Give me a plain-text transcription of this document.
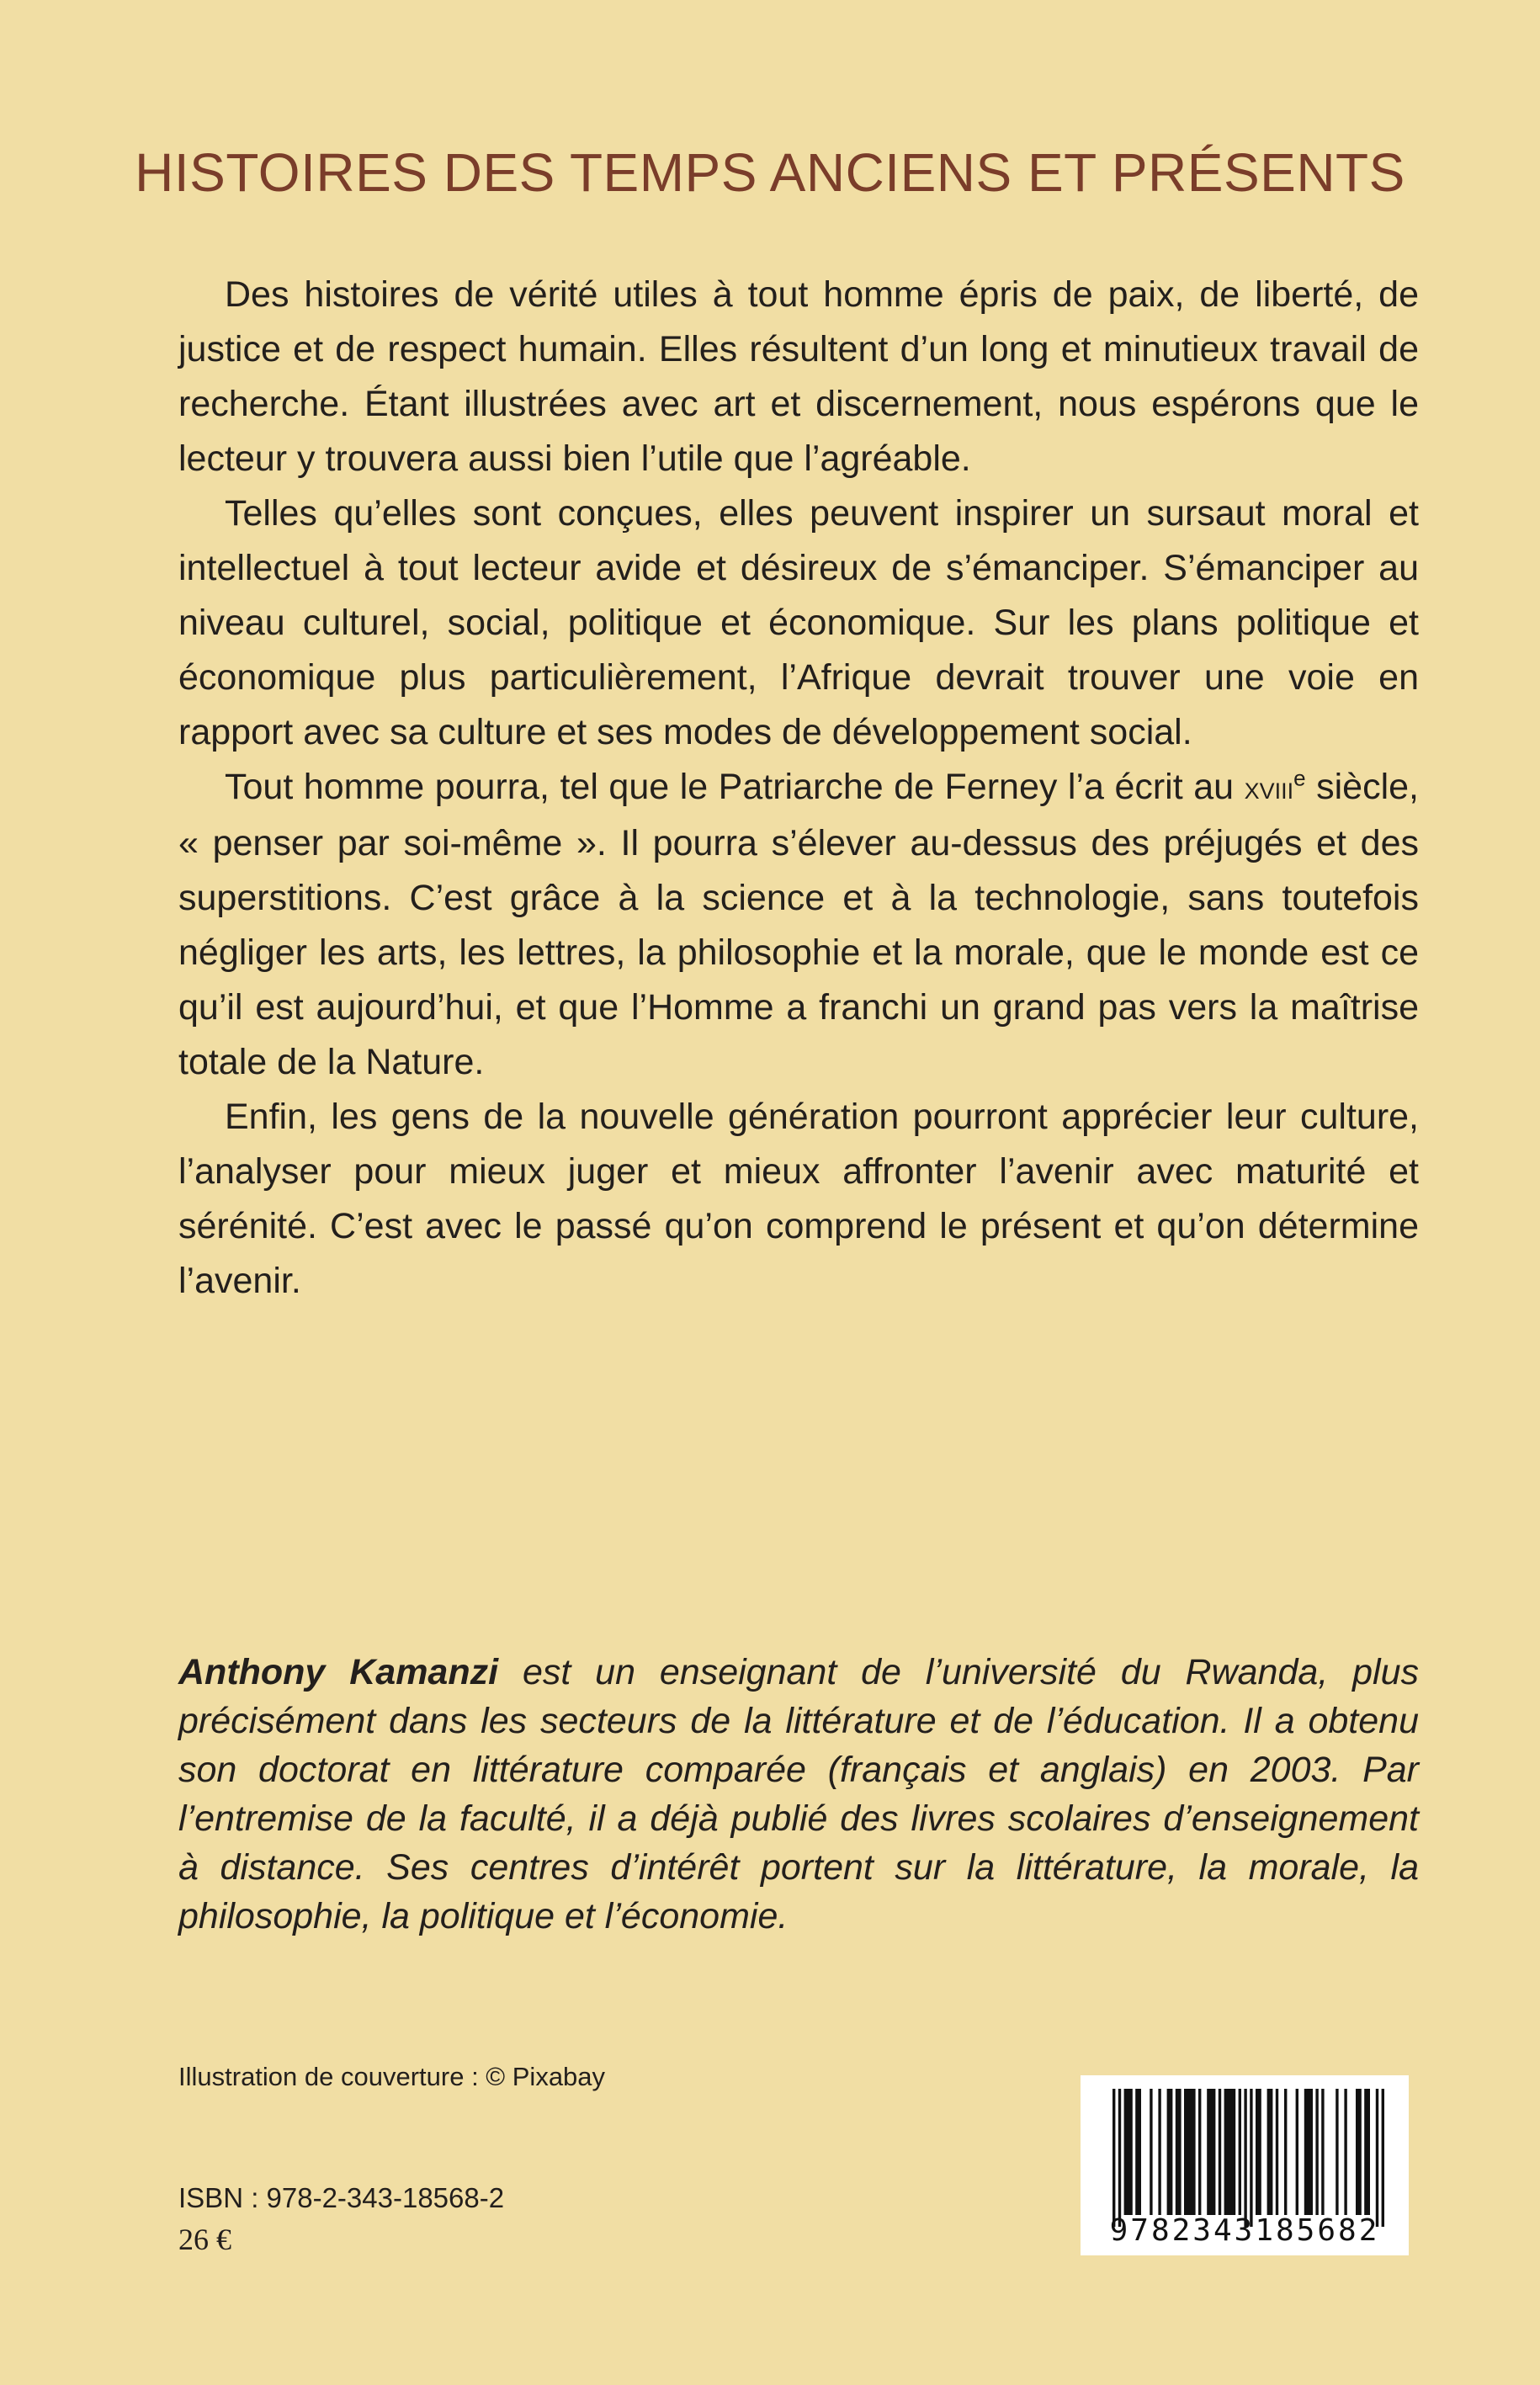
HISTOIRES DES TEMPS ANCIENS ET PRÉSENTS

Des histoires de vérité utiles à tout homme épris de paix, de liberté, de justice et de respect humain. Elles résultent d’un long et minutieux travail de recherche. Étant illustrées avec art et discernement, nous espérons que le lecteur y trouvera aussi bien l’utile que l’agréable.

Telles qu’elles sont conçues, elles peuvent inspirer un sursaut moral et intellectuel à tout lecteur avide et désireux de s’émanciper. S’émanciper au niveau culturel, social, politique et économique. Sur les plans politique et économique plus particulièrement, l’Afrique devrait trouver une voie en rapport avec sa culture et ses modes de développement social.

Tout homme pourra, tel que le Patriarche de Ferney l’a écrit au xviii$^e$ siècle, « penser par soi-même ». Il pourra s’élever au-dessus des préjugés et des superstitions. C’est grâce à la science et à la technologie, sans toutefois négliger les arts, les lettres, la philosophie et la morale, que le monde est ce qu’il est aujourd’hui, et que l’Homme a franchi un grand pas vers la maîtrise totale de la Nature.

Enfin, les gens de la nouvelle génération pourront apprécier leur culture, l’analyser pour mieux juger et mieux affronter l’avenir avec maturité et sérénité. C’est avec le passé qu’on comprend le présent et qu’on détermine l’avenir.

Anthony Kamanzi est un enseignant de l’université du Rwanda, plus précisément dans les secteurs de la littérature et de l’éducation. Il a obtenu son doctorat en littérature comparée (français et anglais) en 2003. Par l’entremise de la faculté, il a déjà publié des livres scolaires d’enseignement à distance. Ses centres d’intérêt portent sur la littérature, la morale, la philosophie, la politique et l’économie.

Illustration de couverture : © Pixabay
ISBN : 978-2-343-18568-2
26 €	9782343185682
